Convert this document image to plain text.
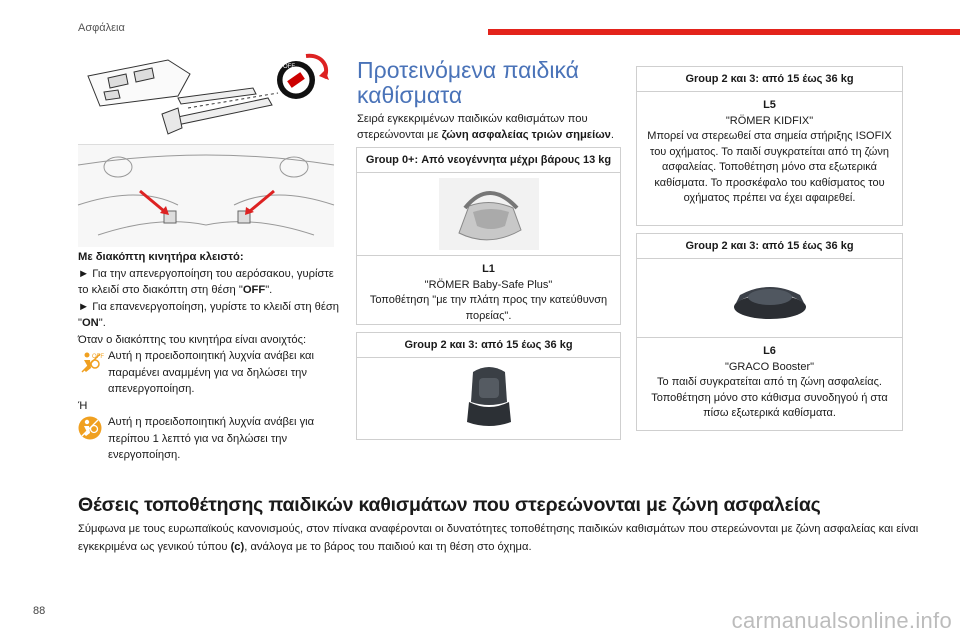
Ασφάλεια
OFF

Με διακόπτη κινητήρα κλειστό:

► Για την απενεργοποίηση του αερόσακου, γυρίστε το κλειδί στο διακόπτη στη θέση "OFF".

► Για επανενεργοποίηση, γυρίστε το κλειδί στη θέση "ON".

Όταν ο διακόπτης του κινητήρα είναι ανοιχτός:

OFF Αυτή η προειδοποιητική λυχνία ανάβει και παραμένει αναμμένη για να δηλώσει την απενεργοποίηση.

Ή

Αυτή η προειδοποιητική λυχνία ανάβει για περίπου 1 λεπτό για να δηλώσει την ενεργοποίηση.

Προτεινόμενα παιδικά καθίσματα
Σειρά εγκεκριμένων παιδικών καθισμάτων που στερεώνονται με ζώνη ασφαλείας τριών σημείων.
Group 0+: Από νεογέννητα μέχρι βάρους 13 kg
L1
"RÖMER Baby-Safe Plus"
Τοποθέτηση "με την πλάτη προς την κατεύθυνση πορείας".
Group 2 και 3: από 15 έως 36 kg
Group 2 και 3: από 15 έως 36 kg
L5
"RÖMER KIDFIX"
Μπορεί να στερεωθεί στα σημεία στήριξης ISOFIX του οχήματος. Το παιδί συγκρατείται από τη ζώνη ασφαλείας. Τοποθέτηση μόνο στα εξωτερικά καθίσματα. Το προσκέφαλο του καθίσματος του οχήματος πρέπει να έχει αφαιρεθεί.
Group 2 και 3: από 15 έως 36 kg
L6
"GRACO Booster"
Το παιδί συγκρατείται από τη ζώνη ασφαλείας. Τοποθέτηση μόνο στο κάθισμα συνοδηγού ή στα πίσω εξωτερικά καθίσματα.
Θέσεις τοποθέτησης παιδικών καθισμάτων που στερεώνονται με ζώνη ασφαλείας
Σύμφωνα με τους ευρωπαϊκούς κανονισμούς, στον πίνακα αναφέρονται οι δυνατότητες τοποθέτησης παιδικών καθισμάτων που στερεώνονται με ζώνη ασφαλείας και είναι εγκεκριμένα ως γενικού τύπου (c), ανάλογα με το βάρος του παιδιού και τη θέση στο όχημα.
88	carmanualsonline.info
